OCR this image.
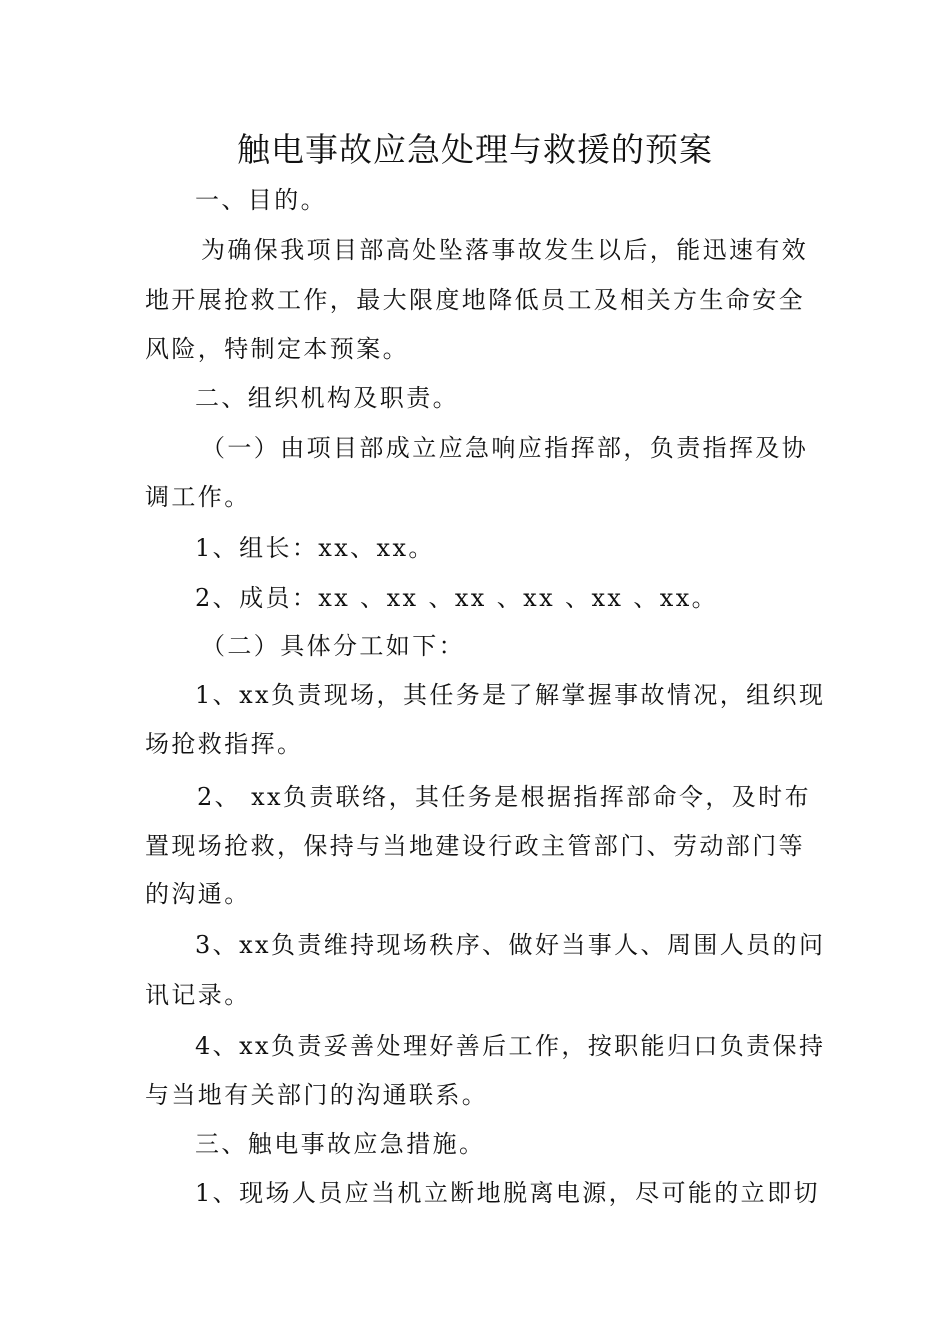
触电事故应急处理与救援的预案
一、目的。
为确保我项目部高处坠落事故发生以后，能迅速有效
地开展抢救工作，最大限度地降低员工及相关方生命安全
风险，特制定本预案。
二、组织机构及职责。
（一）由项目部成立应急响应指挥部，负责指挥及协
调工作。
1、组长：xx、xx。
2、成员：xx 、xx 、xx 、xx 、xx 、xx。
（二）具体分工如下：
1、xx负责现场，其任务是了解掌握事故情况，组织现
场抢救指挥。
2、 xx负责联络，其任务是根据指挥部命令，及时布
置现场抢救，保持与当地建设行政主管部门、劳动部门等
的沟通。
3、xx负责维持现场秩序、做好当事人、周围人员的问
讯记录。
4、xx负责妥善处理好善后工作，按职能归口负责保持
与当地有关部门的沟通联系。
三、触电事故应急措施。
1、现场人员应当机立断地脱离电源，尽可能的立即切
